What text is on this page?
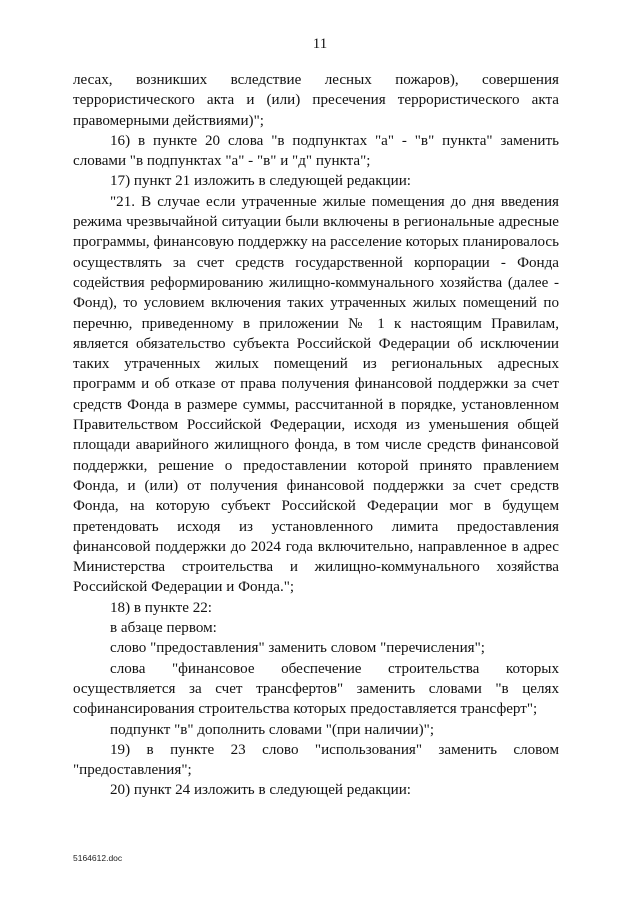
11

лесах, возникших вследствие лесных пожаров), совершения террористического акта и (или) пресечения террористического акта правомерными действиями)";

16) в пункте 20 слова "в подпунктах "а" - "в" пункта" заменить словами "в подпунктах "а" - "в" и "д" пункта";

17) пункт 21 изложить в следующей редакции:

"21. В случае если утраченные жилые помещения до дня введения режима чрезвычайной ситуации были включены в региональные адресные программы, финансовую поддержку на расселение которых планировалось осуществлять за счет средств государственной корпорации - Фонда содействия реформированию жилищно-коммунального хозяйства (далее - Фонд), то условием включения таких утраченных жилых помещений по перечню, приведенному в приложении № 1 к настоящим Правилам, является обязательство субъекта Российской Федерации об исключении таких утраченных жилых помещений из региональных адресных программ и об отказе от права получения финансовой поддержки за счет средств Фонда в размере суммы, рассчитанной в порядке, установленном Правительством Российской Федерации, исходя из уменьшения общей площади аварийного жилищного фонда, в том числе средств финансовой поддержки, решение о предоставлении которой принято правлением Фонда, и (или) от получения финансовой поддержки за счет средств Фонда, на которую субъект Российской Федерации мог в будущем претендовать исходя из установленного лимита предоставления финансовой поддержки до 2024 года включительно, направленное в адрес Министерства строительства и жилищно-коммунального хозяйства Российской Федерации и Фонда.";

18) в пункте 22:

в абзаце первом:

слово "предоставления" заменить словом "перечисления";

слова "финансовое обеспечение строительства которых осуществляется за счет трансфертов" заменить словами "в целях софинансирования строительства которых предоставляется трансферт";

подпункт "в" дополнить словами "(при наличии)";

19) в пункте 23 слово "использования" заменить словом "предоставления";

20) пункт 24 изложить в следующей редакции:

5164612.doc
